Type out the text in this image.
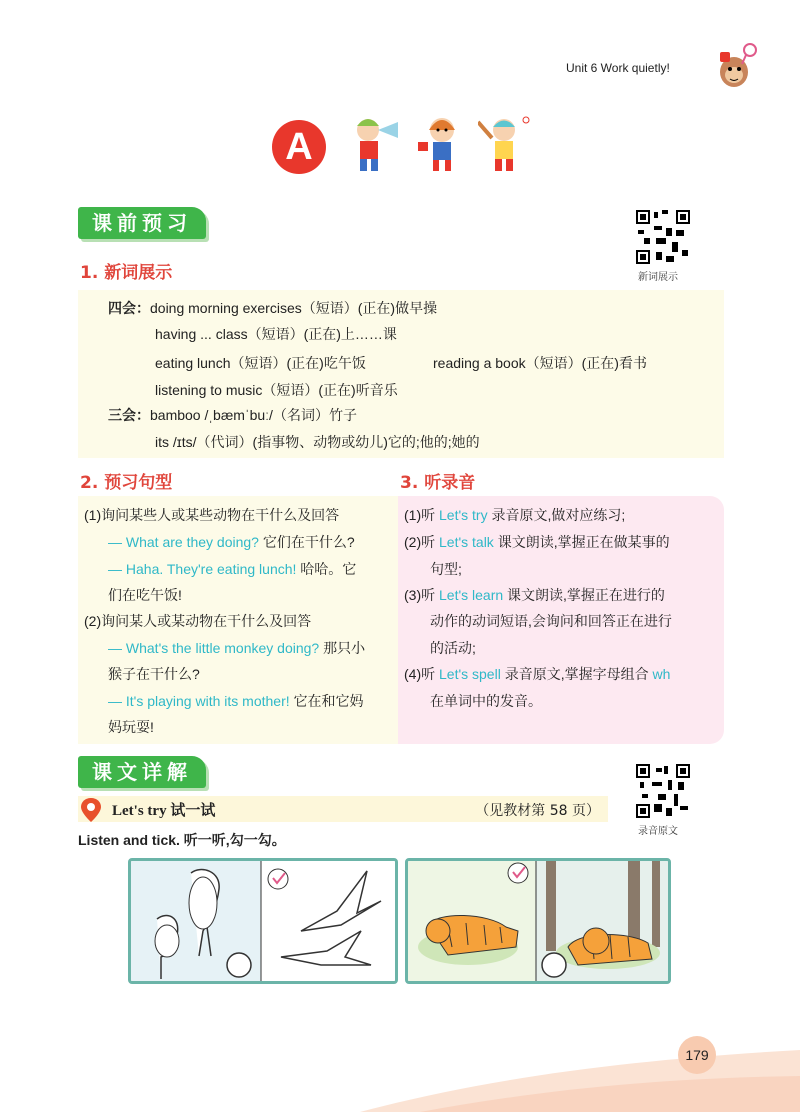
Unit 6 Work quietly!
A
课前预习
新词展示
1. 新词展示
四会：doing morning exercises（短语）(正在)做早操
having ... class（短语）(正在)上……课
eating lunch（短语）(正在)吃午饭	reading a book（短语）(正在)看书
listening to music（短语）(正在)听音乐
三会：bamboo /ˌbæmˈbuː/（名词）竹子
its /ɪts/（代词）(指事物、动物或幼儿)它的;他的;她的
2. 预习句型	3. 听录音
(1)询问某些人或某些动物在干什么及回答
— What are they doing? 它们在干什么?
— Haha. They're eating lunch! 哈哈。它
们在吃午饭!
(2)询问某人或某动物在干什么及回答
— What's the little monkey doing? 那只小
猴子在干什么?
— It's playing with its mother! 它在和它妈
妈玩耍!
(1)听 Let's try 录音原文,做对应练习;
(2)听 Let's talk 课文朗读,掌握正在做某事的
句型;
(3)听 Let's learn 课文朗读,掌握正在进行的
动作的动词短语,会询问和回答正在进行
的活动;
(4)听 Let's spell 录音原文,掌握字母组合 wh
在单词中的发音。
课文详解
录音原文
Let's try 试一试	（见教材第 58 页）
Listen and tick. 听一听,勾一勾。
179
